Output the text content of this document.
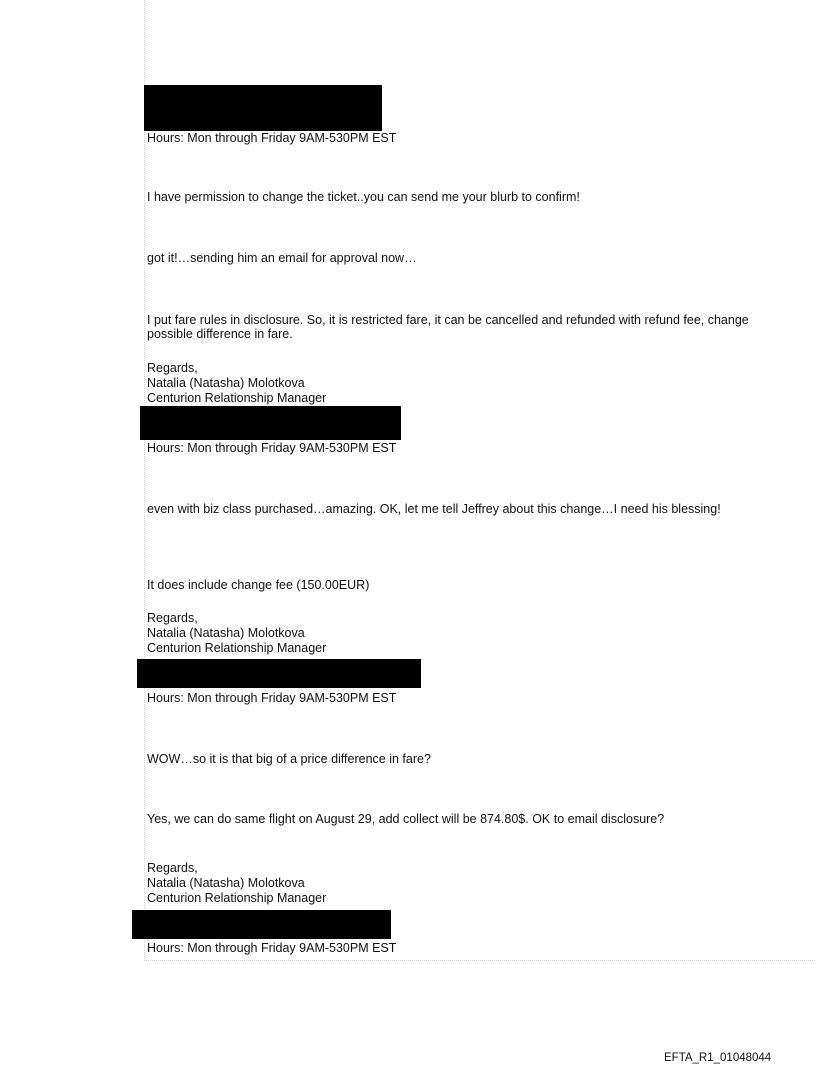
Hours: Mon through Friday 9AM-530PM EST
I have permission to change the ticket..you can send me your blurb to confirm!
got it!…sending him an email for approval now…
I put fare rules in disclosure. So, it is restricted fare, it can be cancelled and refunded with refund fee, change
possible difference in fare.
Regards,
Natalia (Natasha) Molotkova
Centurion Relationship Manager
Hours: Mon through Friday 9AM-530PM EST
even with biz class purchased…amazing. OK, let me tell Jeffrey about this change…I need his blessing!
It does include change fee (150.00EUR)
Regards,
Natalia (Natasha) Molotkova
Centurion Relationship Manager
Hours: Mon through Friday 9AM-530PM EST
WOW…so it is that big of a price difference in fare?
Yes, we can do same flight on August 29, add collect will be 874.80$. OK to email disclosure?
Regards,
Natalia (Natasha) Molotkova
Centurion Relationship Manager
Hours: Mon through Friday 9AM-530PM EST
EFTA_R1_01048044
